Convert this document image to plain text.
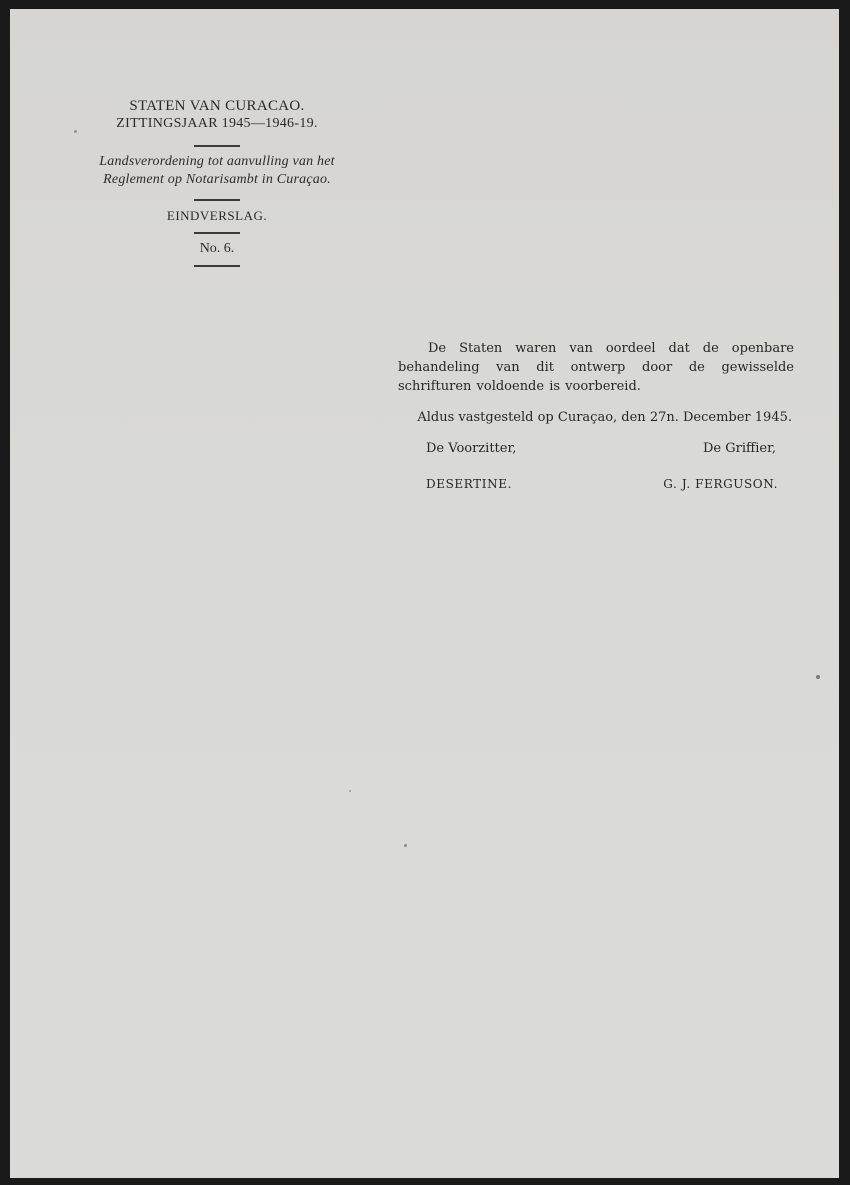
STATEN VAN CURACAO.
ZITTINGSJAAR 1945—1946-19.
Landsverordening tot aanvulling van het
Reglement op Notarisambt in Curaçao.
EINDVERSLAG.
No. 6.

De Staten waren van oordeel dat de openbare behandeling van dit ontwerp door de gewisselde schrifturen voldoende is voorbereid.

Aldus vastgesteld op Curaçao, den 27n. December 1945.
De Voorzitter,	De Griffier,
DESERTINE.	G. J. FERGUSON.
